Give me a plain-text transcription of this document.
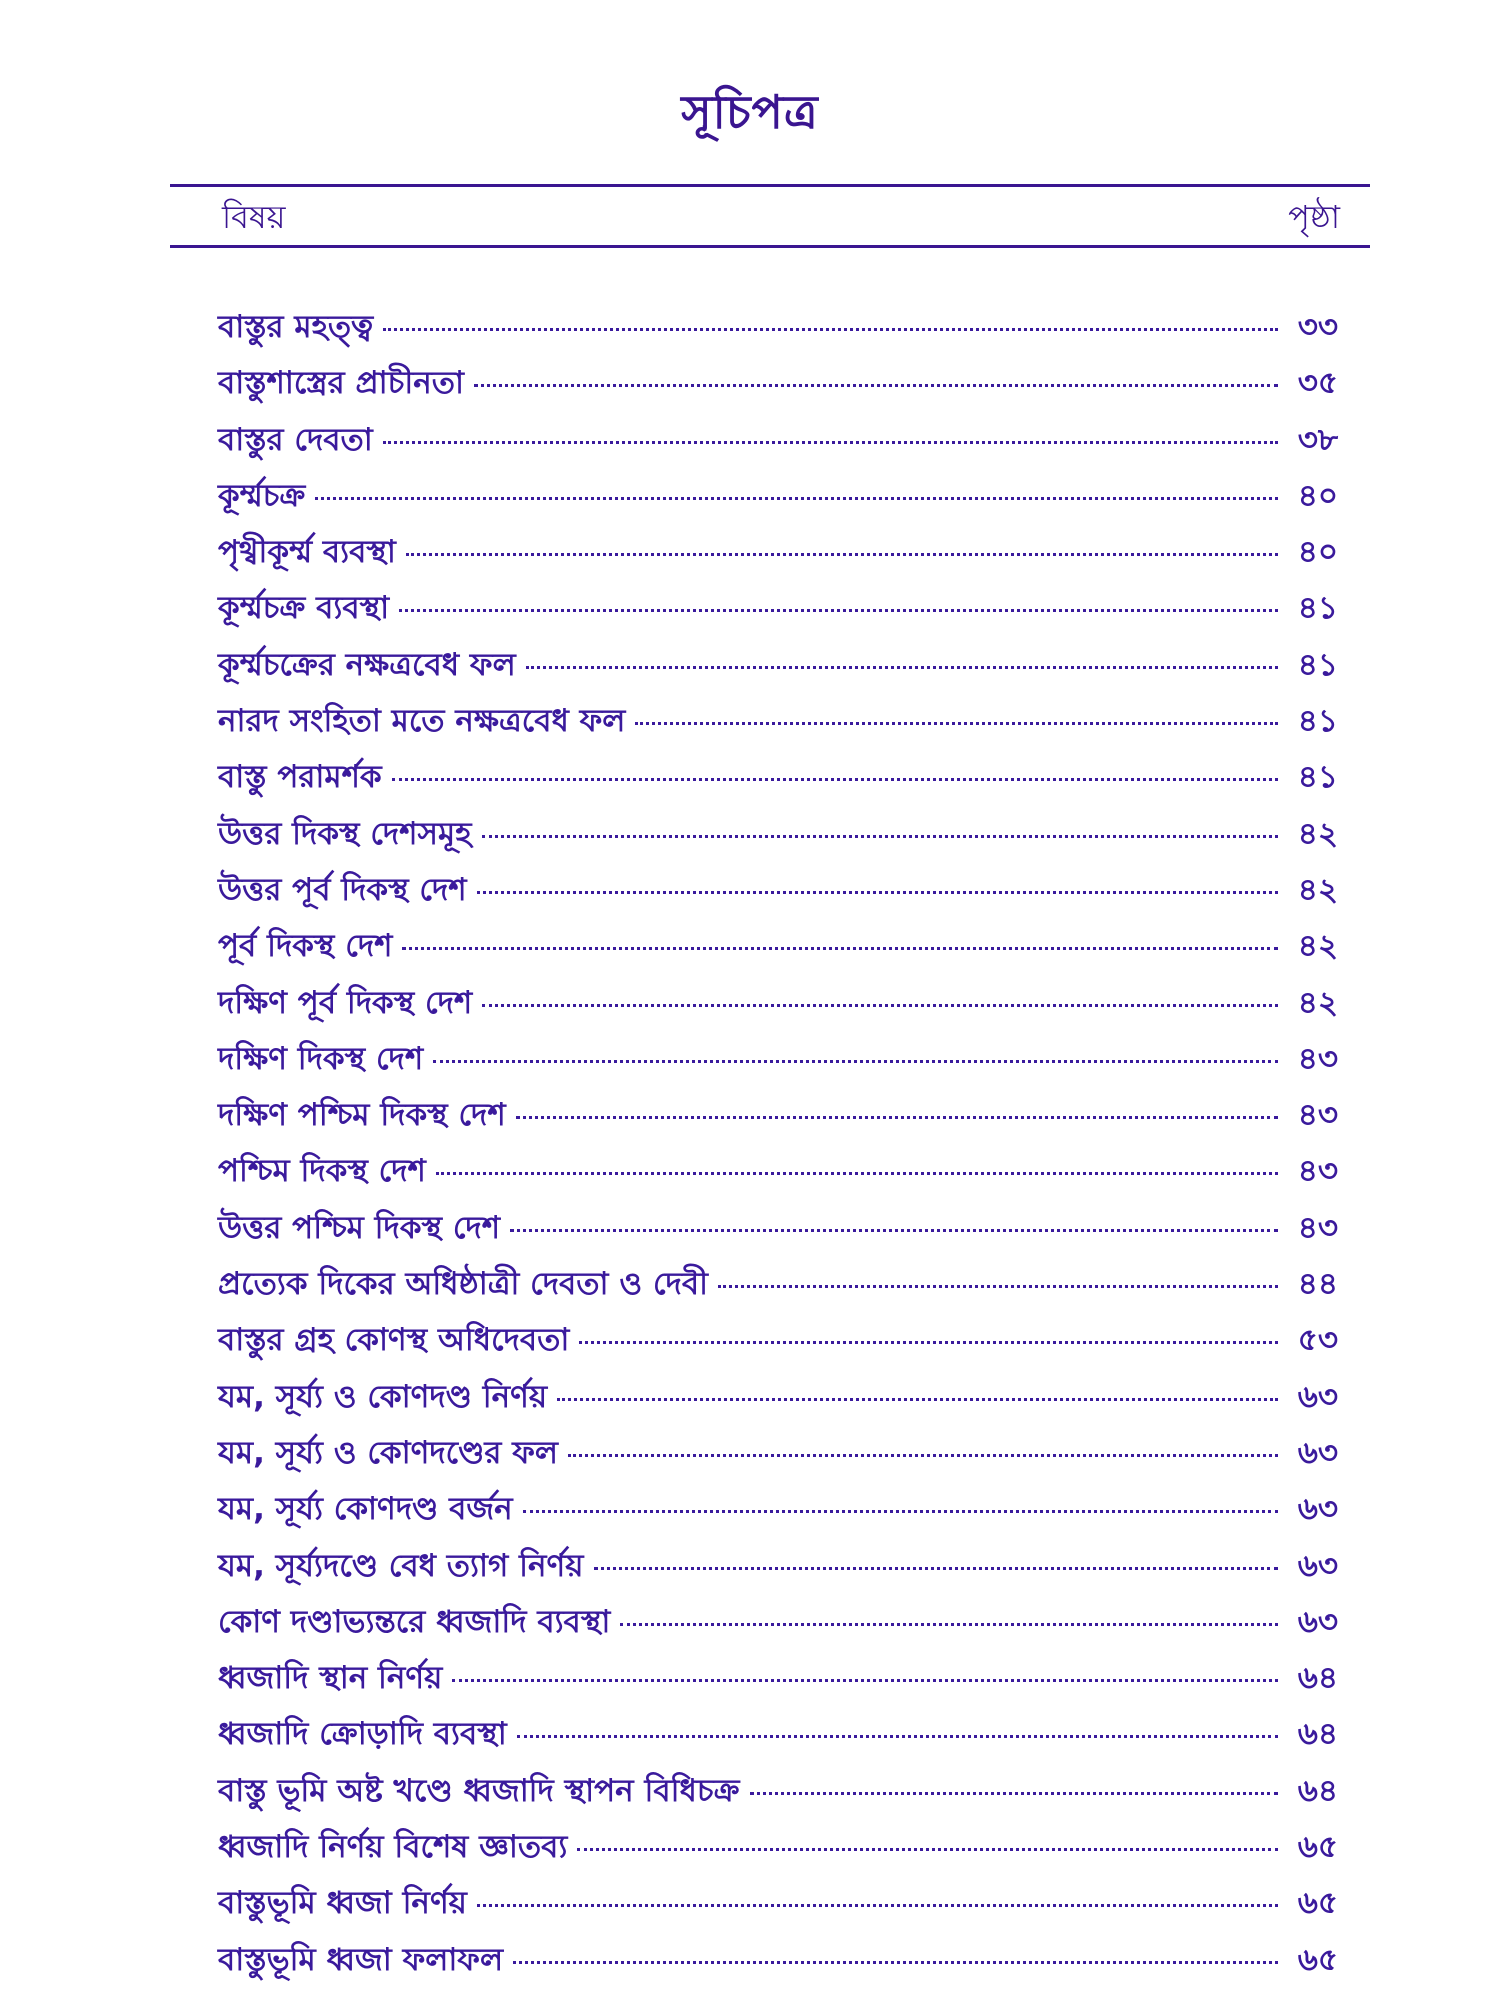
সূচিপত্র
বিষয়	পৃষ্ঠা
বাস্তুর মহত্ত্ব	৩৩
বাস্তুশাস্ত্রের প্রাচীনতা	৩৫
বাস্তুর দেবতা	৩৮
কূর্ম্মচক্র	৪০
পৃথ্বীকূর্ম্ম ব্যবস্থা	৪০
কূর্ম্মচক্র ব্যবস্থা	৪১
কূর্ম্মচক্রের নক্ষত্রবেধ ফল	৪১
নারদ সংহিতা মতে নক্ষত্রবেধ ফল	৪১
বাস্তু পরামর্শক	৪১
উত্তর দিকস্থ দেশসমূহ	৪২
উত্তর পূর্ব দিকস্থ দেশ	৪২
পূর্ব দিকস্থ দেশ	৪২
দক্ষিণ পূর্ব দিকস্থ দেশ	৪২
দক্ষিণ দিকস্থ দেশ	৪৩
দক্ষিণ পশ্চিম দিকস্থ দেশ	৪৩
পশ্চিম দিকস্থ দেশ	৪৩
উত্তর পশ্চিম দিকস্থ দেশ	৪৩
প্রত্যেক দিকের অধিষ্ঠাত্রী দেবতা ও দেবী	৪৪
বাস্তুর গ্রহ কোণস্থ অধিদেবতা	৫৩
যম, সূর্য্য ও কোণদণ্ড নির্ণয়	৬৩
যম, সূর্য্য ও কোণদণ্ডের ফল	৬৩
যম, সূর্য্য কোণদণ্ড বর্জন	৬৩
যম, সূর্য্যদণ্ডে বেধ ত্যাগ নির্ণয়	৬৩
কোণ দণ্ডাভ্যন্তরে ধ্বজাদি ব্যবস্থা	৬৩
ধ্বজাদি স্থান নির্ণয়	৬৪
ধ্বজাদি ক্রোড়াদি ব্যবস্থা	৬৪
বাস্তু ভূমি অষ্ট খণ্ডে ধ্বজাদি স্থাপন বিধিচক্র	৬৪
ধ্বজাদি নির্ণয় বিশেষ জ্ঞাতব্য	৬৫
বাস্তুভূমি ধ্বজা নির্ণয়	৬৫
বাস্তুভূমি ধ্বজা ফলাফল	৬৫
